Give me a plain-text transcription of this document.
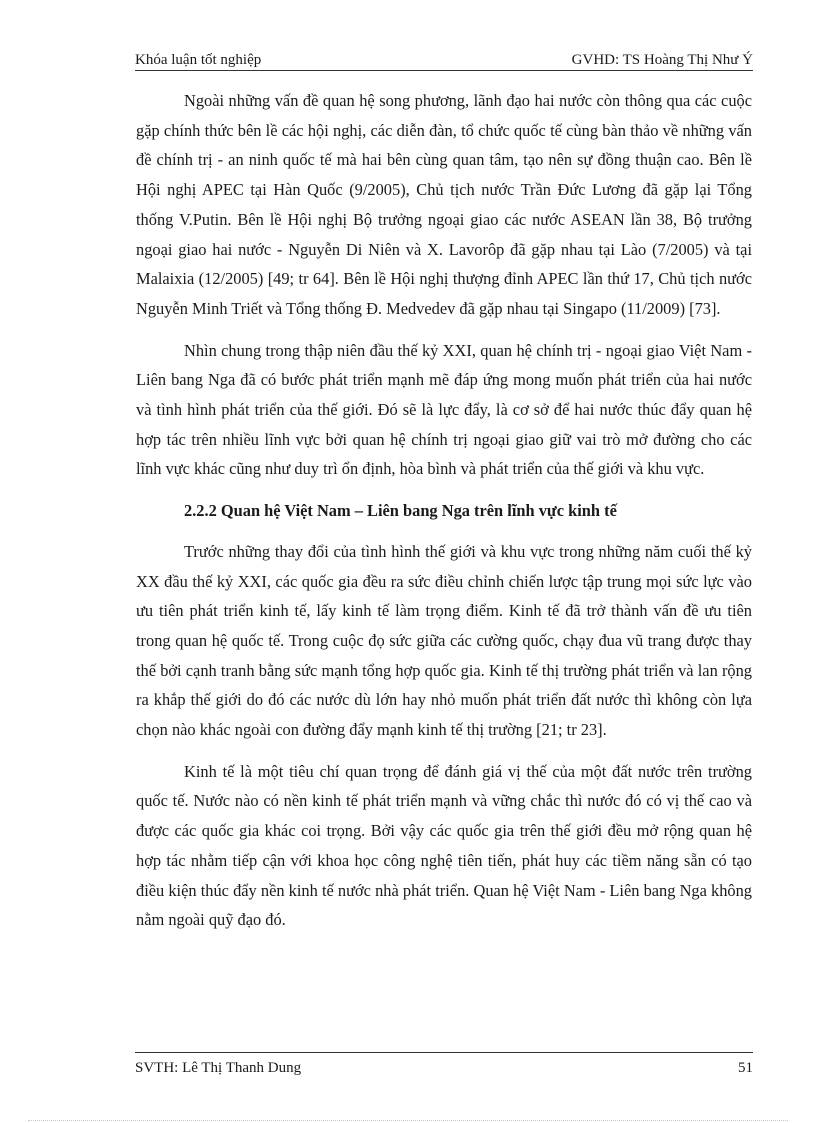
Khóa luận tốt nghiệp	GVHD: TS Hoàng Thị Như Ý

Ngoài những vấn đề quan hệ song phương, lãnh đạo hai nước còn thông qua các cuộc gặp chính thức bên lề các hội nghị, các diễn đàn, tổ chức quốc tế cùng bàn thảo về những vấn đề chính trị - an ninh quốc tế mà hai bên cùng quan tâm, tạo nên sự đồng thuận cao. Bên lề Hội nghị APEC tại Hàn Quốc (9/2005), Chủ tịch nước Trần Đức Lương đã gặp lại Tổng thống V.Putin. Bên lề Hội nghị Bộ trưởng ngoại giao các nước ASEAN lần 38, Bộ trưởng ngoại giao hai nước - Nguyễn Di Niên và X. Lavorôp đã gặp nhau tại Lào (7/2005) và tại Malaixia (12/2005) [49; tr 64]. Bên lề Hội nghị thượng đỉnh APEC lần thứ 17, Chủ tịch nước Nguyễn Minh Triết và Tổng thống Đ. Medvedev đã gặp nhau tại Singapo (11/2009) [73].

Nhìn chung trong thập niên đầu thế kỷ XXI, quan hệ chính trị - ngoại giao Việt Nam - Liên bang Nga đã có bước phát triển mạnh mẽ đáp ứng mong muốn phát triển của hai nước và tình hình phát triển của thế giới. Đó sẽ là lực đẩy, là cơ sở để hai nước thúc đẩy quan hệ hợp tác trên nhiều lĩnh vực bởi quan hệ chính trị ngoại giao giữ vai trò mở đường cho các lĩnh vực khác cũng như duy trì ổn định, hòa bình và phát triển của thế giới và khu vực.

2.2.2 Quan hệ Việt Nam – Liên bang Nga trên lĩnh vực kinh tế

Trước những thay đổi của tình hình thế giới và khu vực trong những năm cuối thế kỷ XX đầu thế kỷ XXI, các quốc gia đều ra sức điều chỉnh chiến lược tập trung mọi sức lực vào ưu tiên phát triển kinh tế, lấy kinh tế làm trọng điểm. Kinh tế đã trở thành vấn đề ưu tiên trong quan hệ quốc tế. Trong cuộc đọ sức giữa các cường quốc, chạy đua vũ trang được thay thế bởi cạnh tranh bằng sức mạnh tổng hợp quốc gia. Kinh tế thị trường phát triển và lan rộng ra khắp thế giới do đó các nước dù lớn hay nhỏ muốn phát triển đất nước thì không còn lựa chọn nào khác ngoài con đường đẩy mạnh kinh tế thị trường [21; tr 23].

Kinh tế là một tiêu chí quan trọng để đánh giá vị thế của một đất nước trên trường quốc tế. Nước nào có nền kinh tế phát triển mạnh và vững chắc thì nước đó có vị thế cao và được các quốc gia khác coi trọng. Bởi vậy các quốc gia trên thế giới đều mở rộng quan hệ hợp tác nhằm tiếp cận với khoa học công nghệ tiên tiến, phát huy các tiềm năng sẵn có tạo điều kiện thúc đẩy nền kinh tế nước nhà phát triển. Quan hệ Việt Nam - Liên bang Nga không nằm ngoài quỹ đạo đó.

SVTH: Lê Thị Thanh Dung	51
